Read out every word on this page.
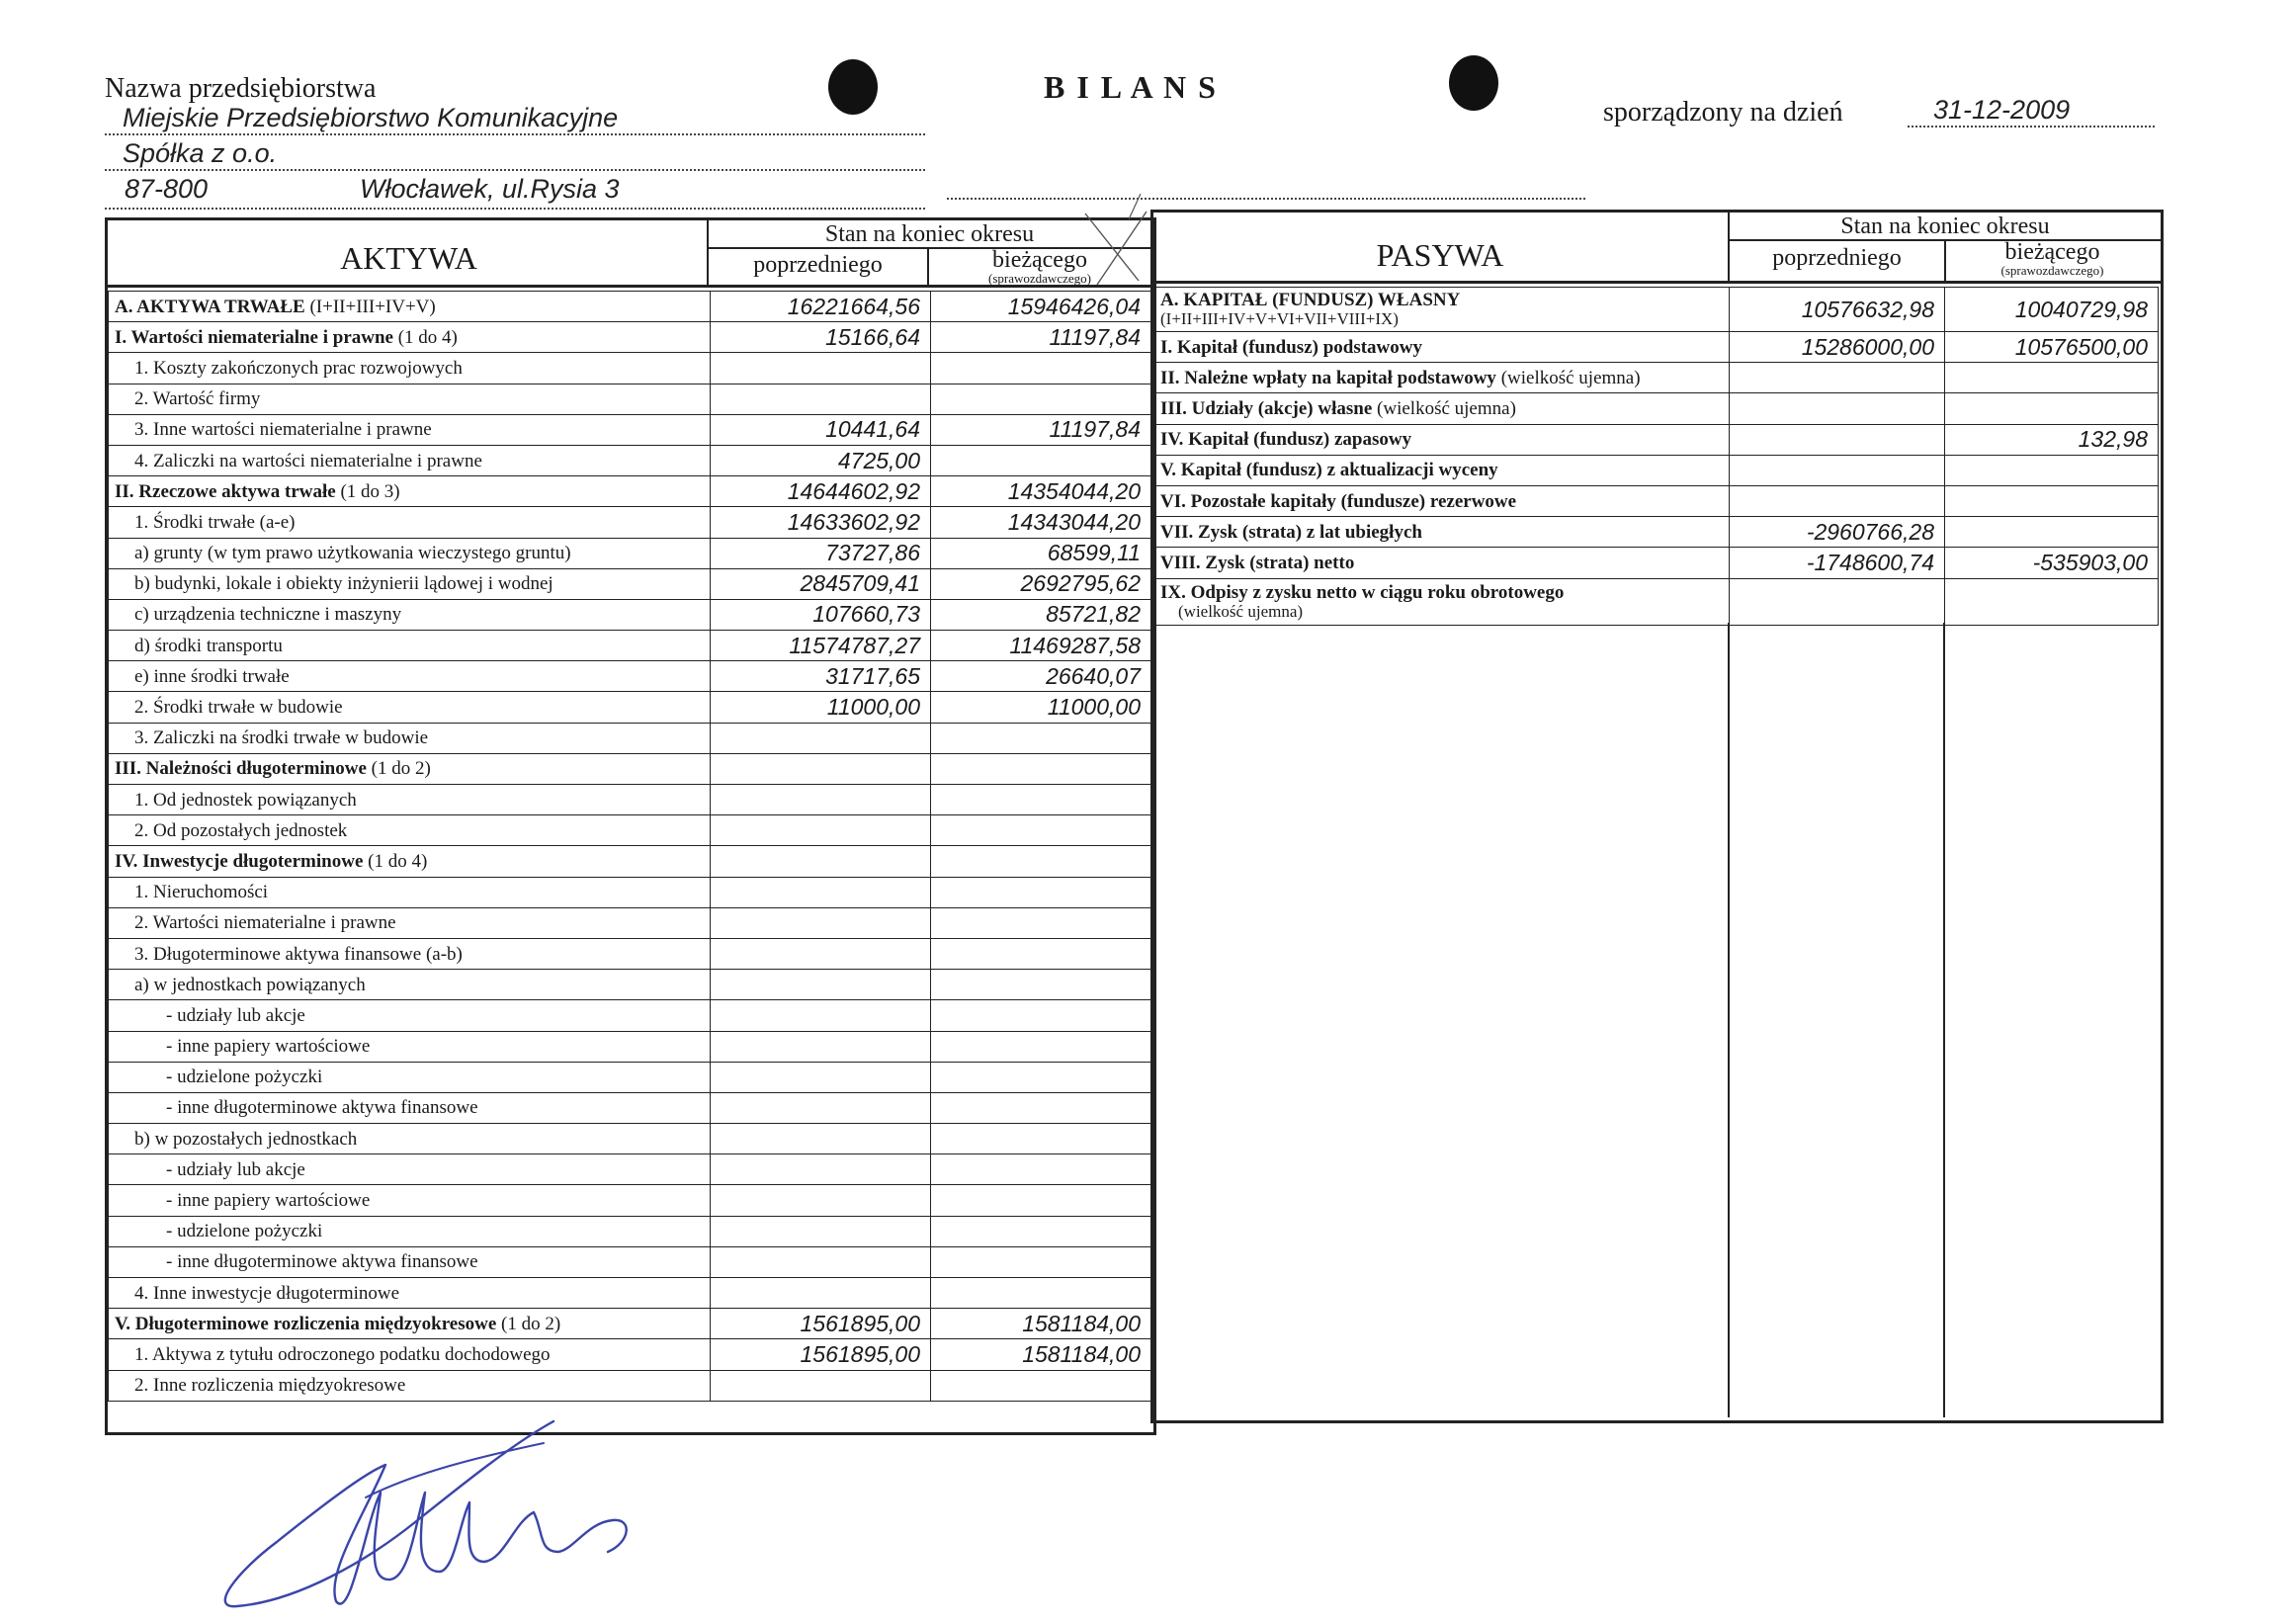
Nazwa przedsiębiorstwa
Miejskie Przedsiębiorstwo Komunikacyjne
Spółka z o.o.
87-800	Włocławek, ul.Rysia 3
B I L A N S
sporządzony na dzień	31-12-2009
AKTYWA
Stan na koniec okresu
poprzedniego	bieżącego
(sprawozdawczego)
A. AKTYWA TRWAŁE (I+II+III+IV+V)	16221664,56	15946426,04
I. Wartości niematerialne i prawne (1 do 4)	15166,64	11197,84
1. Koszty zakończonych prac rozwojowych		
2. Wartość firmy		
3. Inne wartości niematerialne i prawne	10441,64	11197,84
4. Zaliczki na wartości niematerialne i prawne	4725,00	
II. Rzeczowe aktywa trwałe (1 do 3)	14644602,92	14354044,20
1. Środki trwałe (a-e)	14633602,92	14343044,20
a) grunty (w tym prawo użytkowania wieczystego gruntu)	73727,86	68599,11
b) budynki, lokale i obiekty inżynierii lądowej i wodnej	2845709,41	2692795,62
c) urządzenia techniczne i maszyny	107660,73	85721,82
d) środki transportu	11574787,27	11469287,58
e) inne środki trwałe	31717,65	26640,07
2. Środki trwałe w budowie	11000,00	11000,00
3. Zaliczki na środki trwałe w budowie		
III. Należności długoterminowe (1 do 2)		
1. Od jednostek powiązanych		
2. Od pozostałych jednostek		
IV. Inwestycje długoterminowe (1 do 4)		
1. Nieruchomości		
2. Wartości niematerialne i prawne		
3. Długoterminowe aktywa finansowe (a-b)		
a) w jednostkach powiązanych		
- udziały lub akcje		
- inne papiery wartościowe		
- udzielone pożyczki		
- inne długoterminowe aktywa finansowe		
b) w pozostałych jednostkach		
- udziały lub akcje		
- inne papiery wartościowe		
- udzielone pożyczki		
- inne długoterminowe aktywa finansowe		
4. Inne inwestycje długoterminowe		
V. Długoterminowe rozliczenia międzyokresowe (1 do 2)	1561895,00	1581184,00
1. Aktywa z tytułu odroczonego podatku dochodowego	1561895,00	1581184,00
2. Inne rozliczenia międzyokresowe		
PASYWA
Stan na koniec okresu
poprzedniego	bieżącego
(sprawozdawczego)
A. KAPITAŁ (FUNDUSZ) WŁASNY
(I+II+III+IV+V+VI+VII+VIII+IX)	10576632,98	10040729,98
I. Kapitał (fundusz) podstawowy	15286000,00	10576500,00
II. Należne wpłaty na kapitał podstawowy (wielkość ujemna)		
III. Udziały (akcje) własne (wielkość ujemna)		
IV. Kapitał (fundusz) zapasowy		132,98
V. Kapitał (fundusz) z aktualizacji wyceny		
VI. Pozostałe kapitały (fundusze) rezerwowe		
VII. Zysk (strata) z lat ubiegłych	-2960766,28	
VIII. Zysk (strata) netto	-1748600,74	-535903,00
IX. Odpisy z zysku netto w ciągu roku obrotowego
(wielkość ujemna)		
